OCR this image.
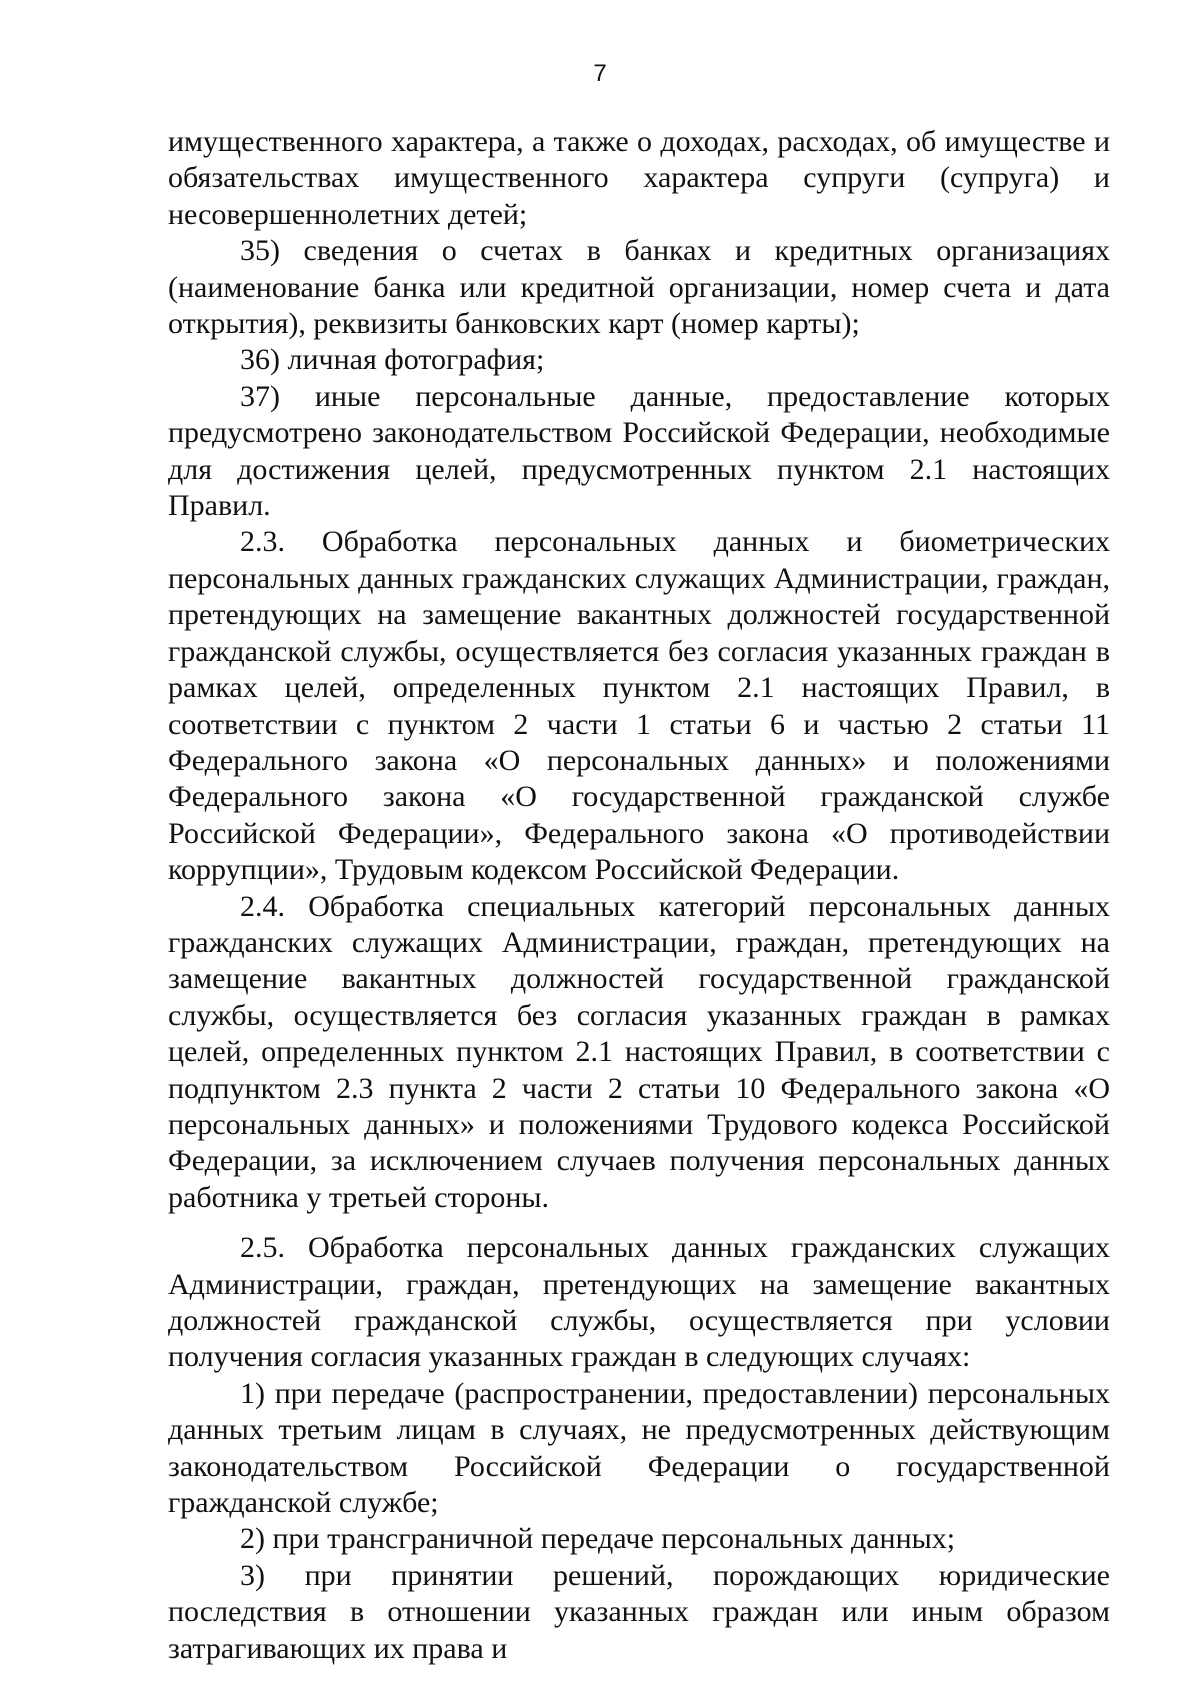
7

имущественного характера, а также о доходах, расходах, об имуществе и обязательствах имущественного характера супруги (супруга) и несовершеннолетних детей;

35) сведения о счетах в банках и кредитных организациях (наименование банка или кредитной организации, номер счета и дата открытия), реквизиты банковских карт (номер карты);

36) личная фотография;

37) иные персональные данные, предоставление которых предусмотрено законодательством Российской Федерации, необходимые для достижения целей, предусмотренных пунктом 2.1 настоящих Правил.

2.3. Обработка персональных данных и биометрических персональных данных гражданских служащих Администрации, граждан, претендующих на замещение вакантных должностей государственной гражданской службы, осуществляется без согласия указанных граждан в рамках целей, определенных пунктом 2.1 настоящих Правил, в соответствии с пунктом 2 части 1 статьи 6 и частью 2 статьи 11 Федерального закона «О персональных данных» и положениями Федерального закона «О государственной гражданской службе Российской Федерации», Федерального закона «О противодействии коррупции», Трудовым кодексом Российской Федерации.

2.4. Обработка специальных категорий персональных данных гражданских служащих Администрации, граждан, претендующих на замещение вакантных должностей государственной гражданской службы, осуществляется без согласия указанных граждан в рамках целей, определенных пунктом 2.1 настоящих Правил, в соответствии с подпунктом 2.3 пункта 2 части 2 статьи 10 Федерального закона «О персональных данных» и положениями Трудового кодекса Российской Федерации, за исключением случаев получения персональных данных работника у третьей стороны.

2.5. Обработка персональных данных гражданских служащих Администрации, граждан, претендующих на замещение вакантных должностей гражданской службы, осуществляется при условии получения согласия указанных граждан в следующих случаях:

1) при передаче (распространении, предоставлении) персональных данных третьим лицам в случаях, не предусмотренных действующим законодательством Российской Федерации о государственной гражданской службе;

2) при трансграничной передаче персональных данных;

3) при принятии решений, порождающих юридические последствия в отношении указанных граждан или иным образом затрагивающих их права и
